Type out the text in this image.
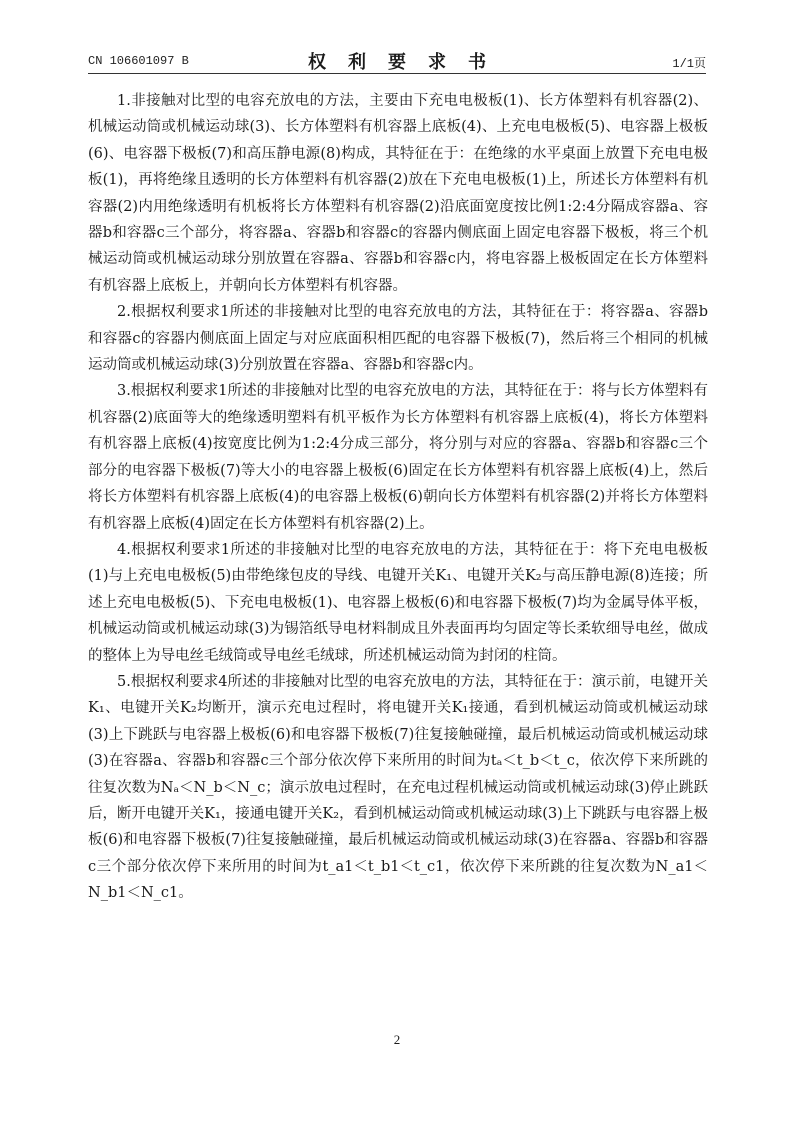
CN 106601097 B	权利要求书	1/1页

1.非接触对比型的电容充放电的方法，主要由下充电电极板(1)、长方体塑料有机容器(2)、机械运动筒或机械运动球(3)、长方体塑料有机容器上底板(4)、上充电电极板(5)、电容器上极板(6)、电容器下极板(7)和高压静电源(8)构成，其特征在于：在绝缘的水平桌面上放置下充电电极板(1)，再将绝缘且透明的长方体塑料有机容器(2)放在下充电电极板(1)上，所述长方体塑料有机容器(2)内用绝缘透明有机板将长方体塑料有机容器(2)沿底面宽度按比例1:2:4分隔成容器a、容器b和容器c三个部分，将容器a、容器b和容器c的容器内侧底面上固定电容器下极板，将三个机械运动筒或机械运动球分别放置在容器a、容器b和容器c内，将电容器上极板固定在长方体塑料有机容器上底板上，并朝向长方体塑料有机容器。

2.根据权利要求1所述的非接触对比型的电容充放电的方法，其特征在于：将容器a、容器b和容器c的容器内侧底面上固定与对应底面积相匹配的电容器下极板(7)，然后将三个相同的机械运动筒或机械运动球(3)分别放置在容器a、容器b和容器c内。

3.根据权利要求1所述的非接触对比型的电容充放电的方法，其特征在于：将与长方体塑料有机容器(2)底面等大的绝缘透明塑料有机平板作为长方体塑料有机容器上底板(4)，将长方体塑料有机容器上底板(4)按宽度比例为1:2:4分成三部分，将分别与对应的容器a、容器b和容器c三个部分的电容器下极板(7)等大小的电容器上极板(6)固定在长方体塑料有机容器上底板(4)上，然后将长方体塑料有机容器上底板(4)的电容器上极板(6)朝向长方体塑料有机容器(2)并将长方体塑料有机容器上底板(4)固定在长方体塑料有机容器(2)上。

4.根据权利要求1所述的非接触对比型的电容充放电的方法，其特征在于：将下充电电极板(1)与上充电电极板(5)由带绝缘包皮的导线、电键开关K₁、电键开关K₂与高压静电源(8)连接；所述上充电电极板(5)、下充电电极板(1)、电容器上极板(6)和电容器下极板(7)均为金属导体平板，机械运动筒或机械运动球(3)为锡箔纸导电材料制成且外表面再均匀固定等长柔软细导电丝，做成的整体上为导电丝毛绒筒或导电丝毛绒球，所述机械运动筒为封闭的柱筒。

5.根据权利要求4所述的非接触对比型的电容充放电的方法，其特征在于：演示前，电键开关K₁、电键开关K₂均断开，演示充电过程时，将电键开关K₁接通，看到机械运动筒或机械运动球(3)上下跳跃与电容器上极板(6)和电容器下极板(7)往复接触碰撞，最后机械运动筒或机械运动球(3)在容器a、容器b和容器c三个部分依次停下来所用的时间为tₐ＜t_b＜t_c，依次停下来所跳的往复次数为Nₐ＜N_b＜N_c；演示放电过程时，在充电过程机械运动筒或机械运动球(3)停止跳跃后，断开电键开关K₁，接通电键开关K₂，看到机械运动筒或机械运动球(3)上下跳跃与电容器上极板(6)和电容器下极板(7)往复接触碰撞，最后机械运动筒或机械运动球(3)在容器a、容器b和容器c三个部分依次停下来所用的时间为t_a1＜t_b1＜t_c1，依次停下来所跳的往复次数为N_a1＜N_b1＜N_c1。

2
